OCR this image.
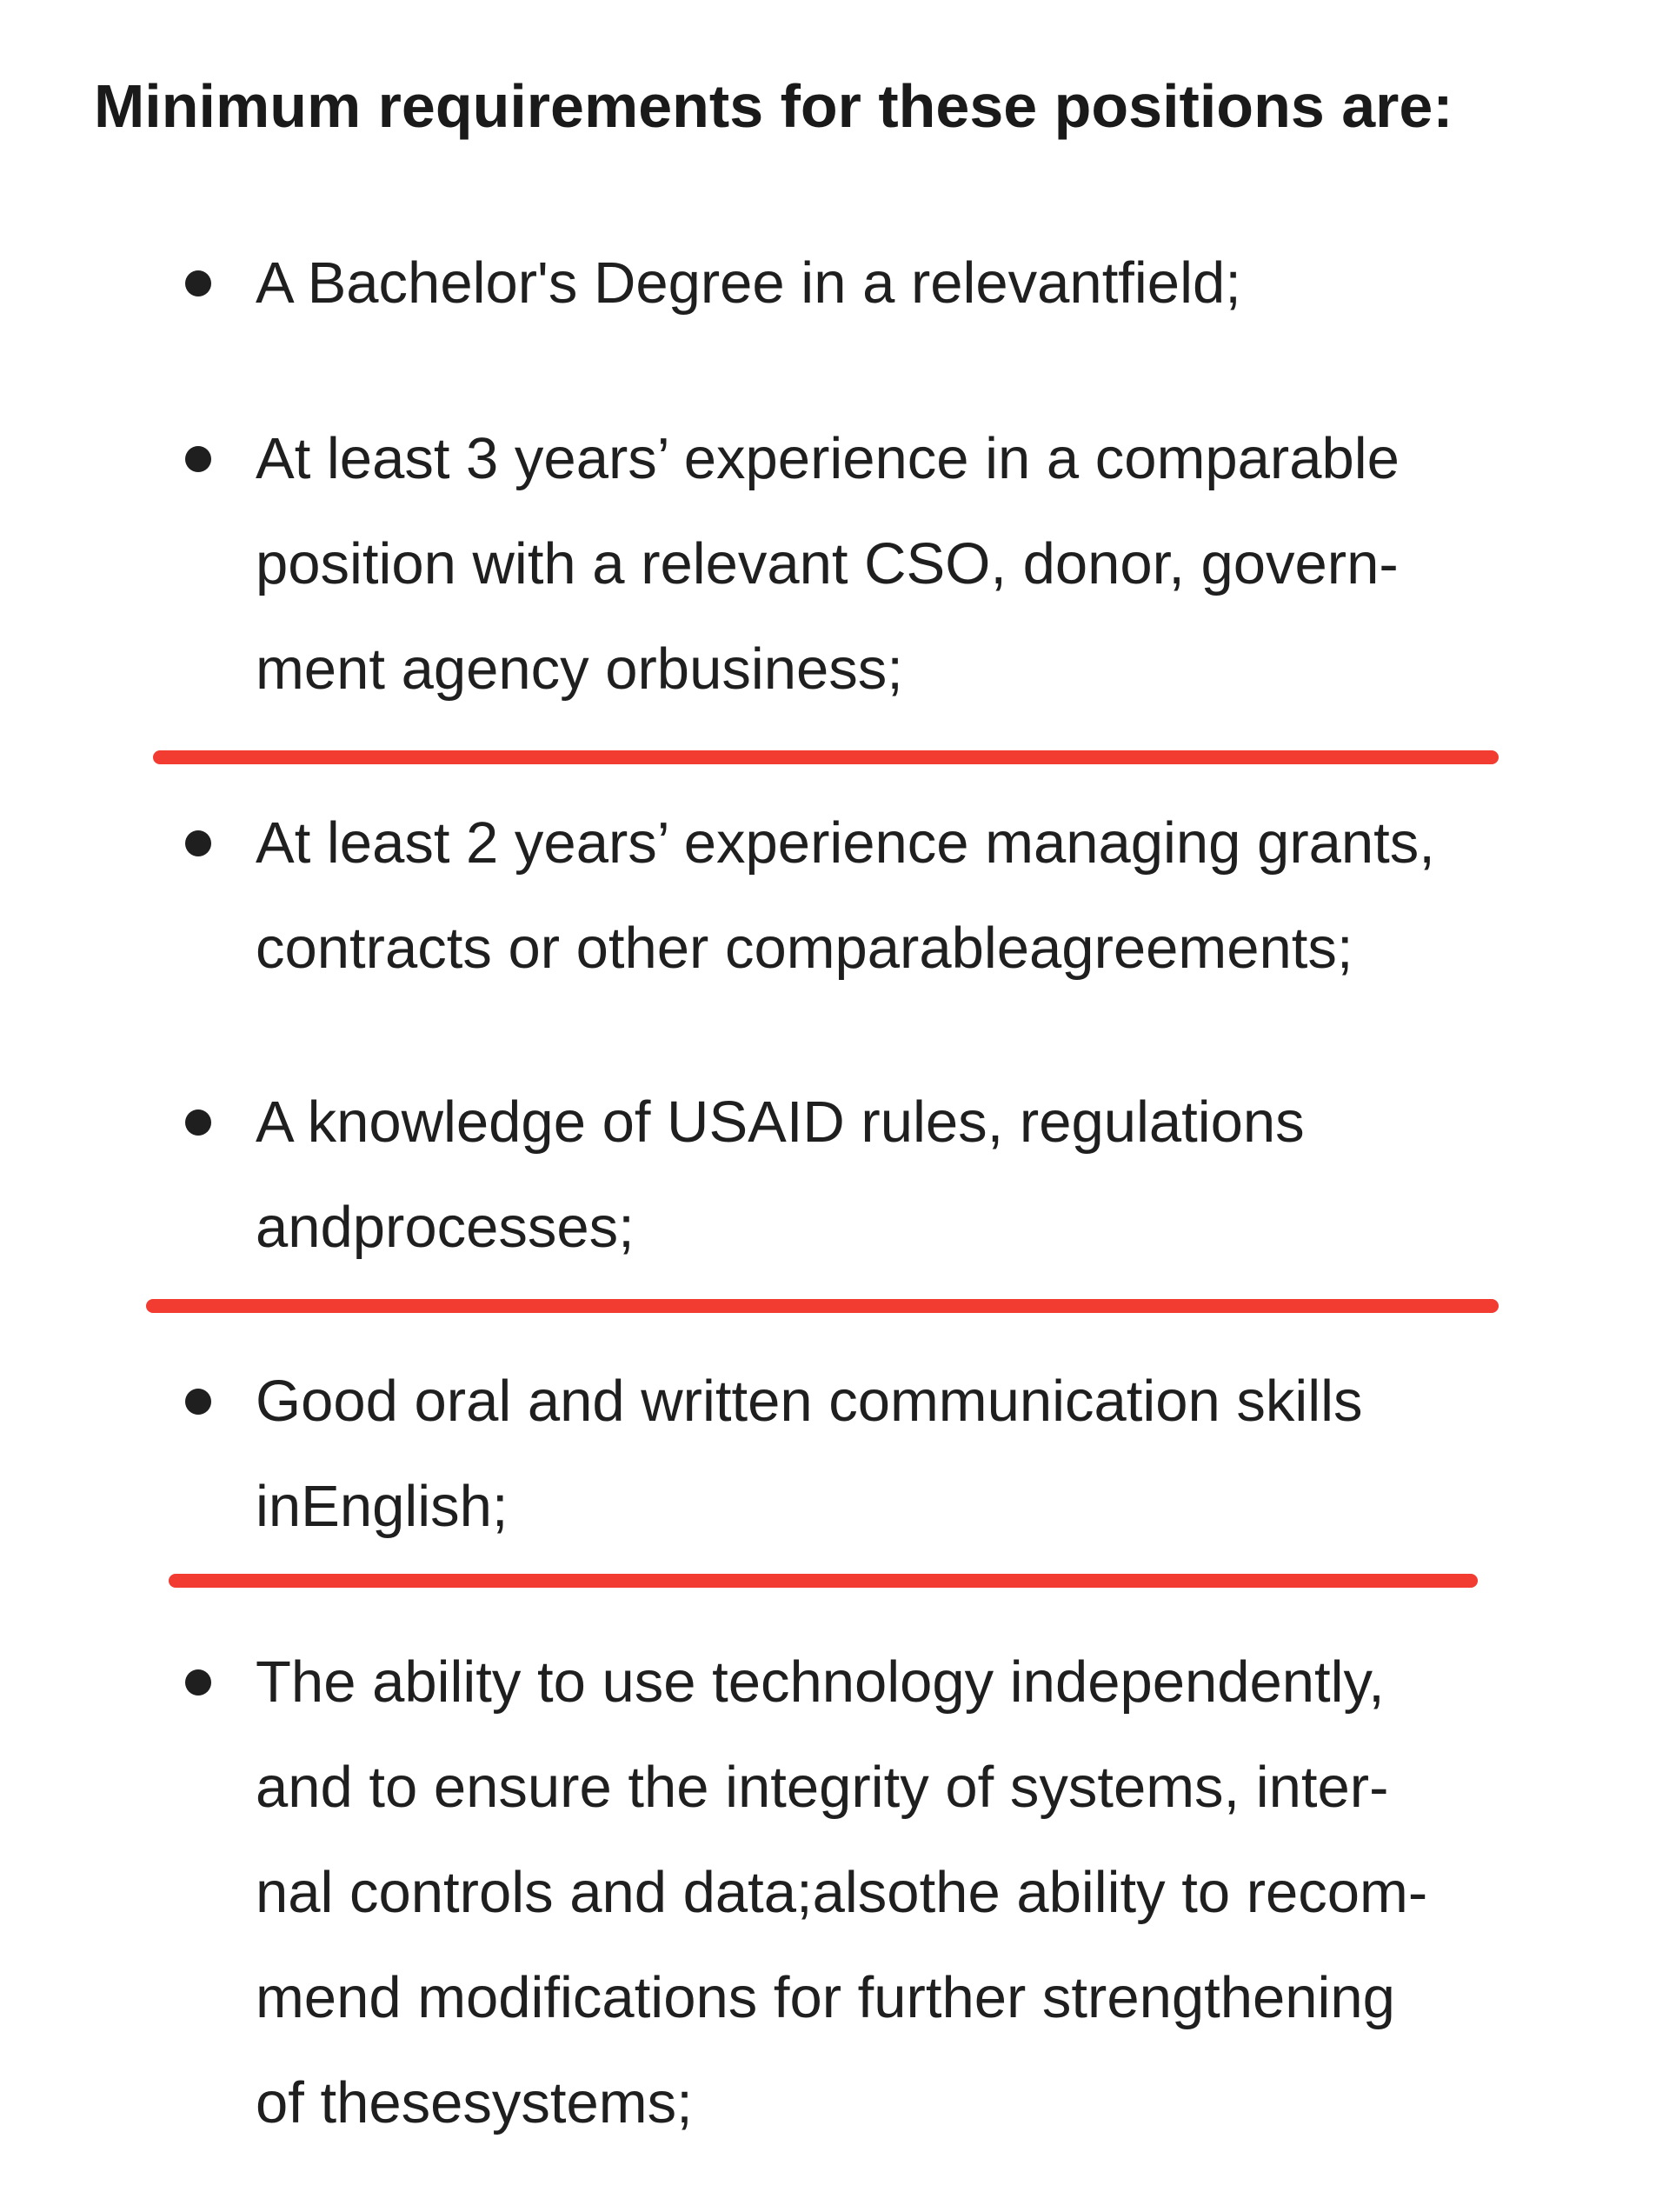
Minimum requirements for these positions are:
A Bachelor's Degree in a relevantfield;
At least 3 years’ experience in a comparable
position with a relevant CSO, donor, govern-
ment agency orbusiness;
At least 2 years’ experience managing grants,
contracts or other comparableagreements;
A knowledge of USAID rules, regulations
andprocesses;
Good oral and written communication skills
inEnglish;
The ability to use technology independently,
and to ensure the integrity of systems, inter-
nal controls and data;alsothe ability to recom-
mend modifications for further strengthening
of thesesystems;
